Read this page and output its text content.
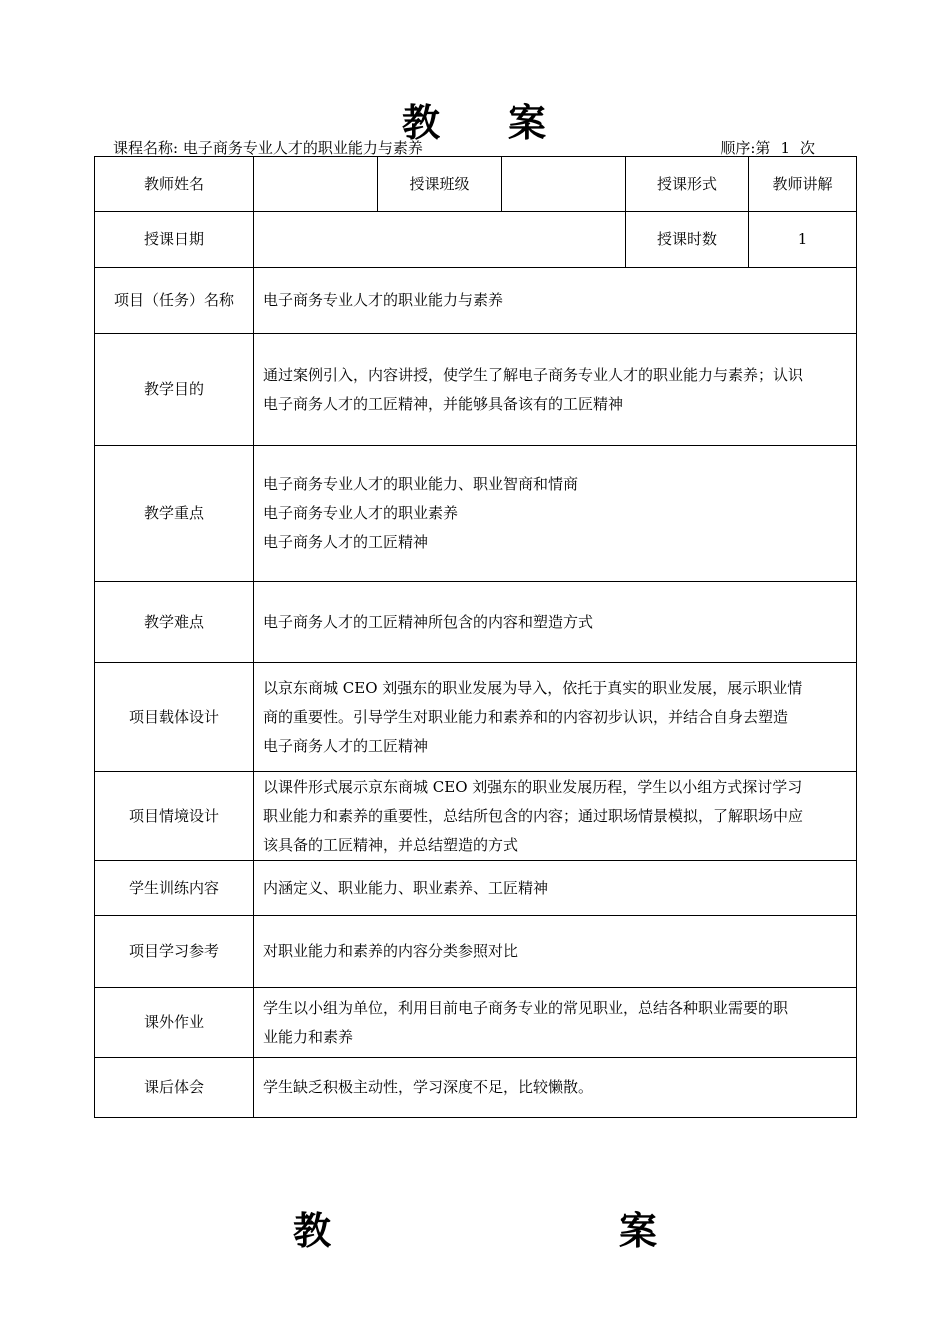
教 案
课程名称: 电子商务专业人才的职业能力与素养	顺序:第 1 次
教师姓名		授课班级		授课形式	教师讲解
授课日期				授课时数	1
项目（任务）名称	电子商务专业人才的职业能力与素养				

教学目的	通过案例引入，内容讲授，使学生了解电子商务专业人才的职业能力与素养；认识
电子商务人才的工匠精神，并能够具备该有的工匠精神				

教学重点	电子商务专业人才的职业能力、职业智商和情商
电子商务专业人才的职业素养
电子商务人才的工匠精神				

教学难点	电子商务人才的工匠精神所包含的内容和塑造方式				

项目载体设计	以京东商城 CEO 刘强东的职业发展为导入，依托于真实的职业发展，展示职业情
商的重要性。引导学生对职业能力和素养和的内容初步认识，并结合自身去塑造
电子商务人才的工匠精神				

项目情境设计	以课件形式展示京东商城 CEO 刘强东的职业发展历程，学生以小组方式探讨学习
职业能力和素养的重要性，总结所包含的内容；通过职场情景模拟，了解职场中应
该具备的工匠精神，并总结塑造的方式				

学生训练内容	内涵定义、职业能力、职业素养、工匠精神				

项目学习参考	对职业能力和素养的内容分类参照对比				

课外作业	学生以小组为单位，利用目前电子商务专业的常见职业，总结各种职业需要的职
业能力和素养				

课后体会	学生缺乏积极主动性，学习深度不足，比较懒散。				
教	案
